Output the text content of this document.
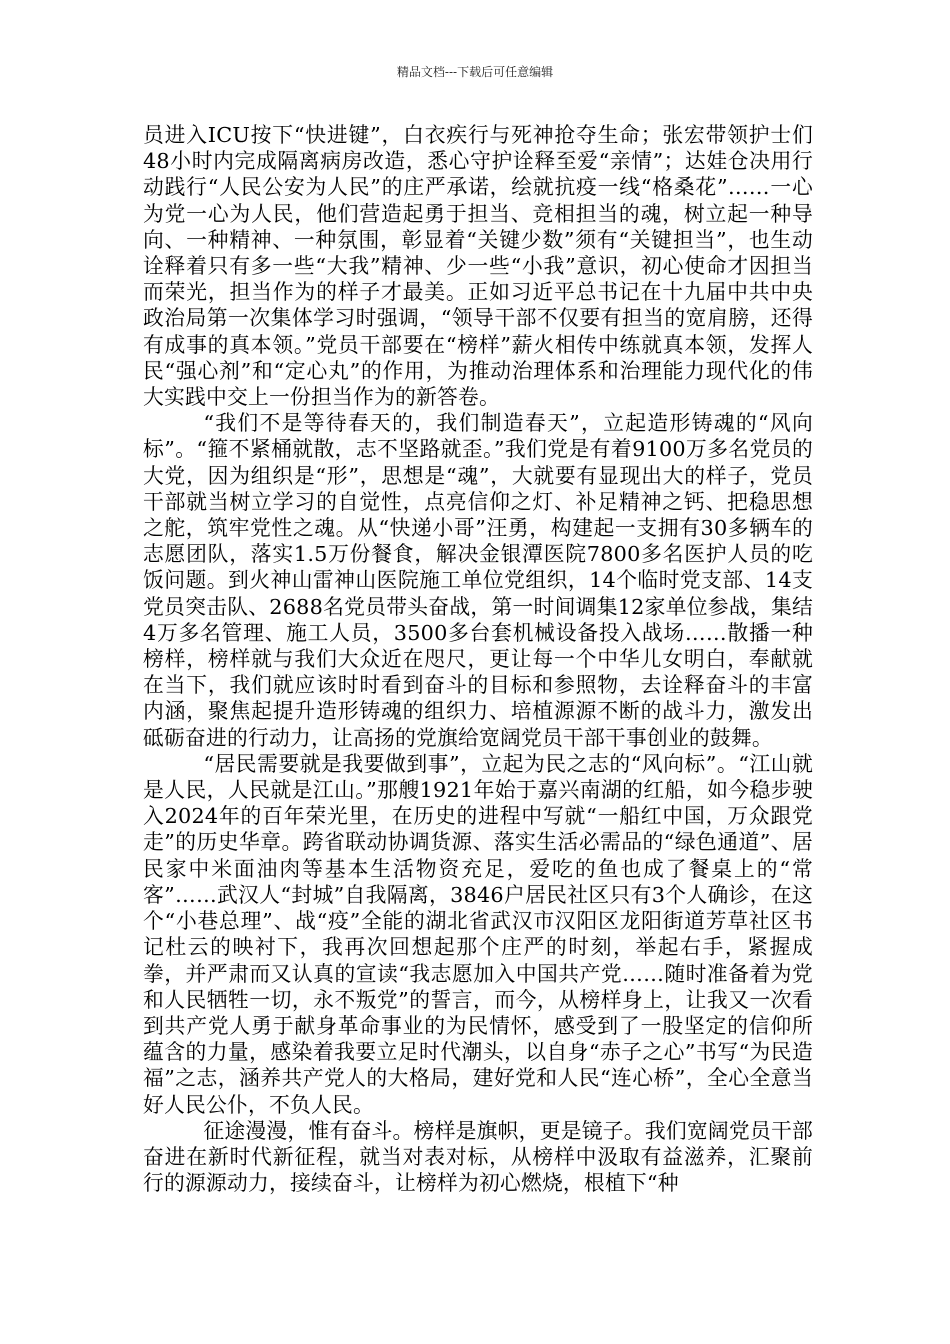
精品文档---下载后可任意编辑

员进入ICU按下“快进键”，白衣疾行与死神抢夺生命；张宏带领护士们48小时内完成隔离病房改造，悉心守护诠释至爱“亲情”；达娃仓决用行动践行“人民公安为人民”的庄严承诺，绘就抗疫一线“格桑花”……一心为党一心为人民，他们营造起勇于担当、竞相担当的魂，树立起一种导向、一种精神、一种氛围，彰显着“关键少数”须有“关键担当”，也生动诠释着只有多一些“大我”精神、少一些“小我”意识，初心使命才因担当而荣光，担当作为的样子才最美。正如习近平总书记在十九届中共中央政治局第一次集体学习时强调，“领导干部不仅要有担当的宽肩膀，还得有成事的真本领。”党员干部要在“榜样”薪火相传中练就真本领，发挥人民“强心剂”和“定心丸”的作用，为推动治理体系和治理能力现代化的伟大实践中交上一份担当作为的新答卷。

“我们不是等待春天的，我们制造春天”，立起造形铸魂的“风向标”。“箍不紧桶就散，志不坚路就歪。”我们党是有着9100万多名党员的大党，因为组织是“形”，思想是“魂”，大就要有显现出大的样子，党员干部就当树立学习的自觉性，点亮信仰之灯、补足精神之钙、把稳思想之舵，筑牢党性之魂。从“快递小哥”汪勇，构建起一支拥有30多辆车的志愿团队，落实1.5万份餐食，解决金银潭医院7800多名医护人员的吃饭问题。到火神山雷神山医院施工单位党组织，14个临时党支部、14支党员突击队、2688名党员带头奋战，第一时间调集12家单位参战，集结4万多名管理、施工人员，3500多台套机械设备投入战场……散播一种榜样，榜样就与我们大众近在咫尺，更让每一个中华儿女明白，奉献就在当下，我们就应该时时看到奋斗的目标和参照物，去诠释奋斗的丰富内涵，聚焦起提升造形铸魂的组织力、培植源源不断的战斗力，激发出砥砺奋进的行动力，让高扬的党旗给宽阔党员干部干事创业的鼓舞。

“居民需要就是我要做到事”，立起为民之志的“风向标”。“江山就是人民，人民就是江山。”那艘1921年始于嘉兴南湖的红船，如今稳步驶入2024年的百年荣光里，在历史的进程中写就“一船红中国，万众跟党走”的历史华章。跨省联动协调货源、落实生活必需品的“绿色通道”、居民家中米面油肉等基本生活物资充足，爱吃的鱼也成了餐桌上的“常客”……武汉人“封城”自我隔离，3846户居民社区只有3个人确诊，在这个“小巷总理”、战“疫”全能的湖北省武汉市汉阳区龙阳街道芳草社区书记杜云的映衬下，我再次回想起那个庄严的时刻，举起右手，紧握成拳，并严肃而又认真的宣读“我志愿加入中国共产党……随时准备着为党和人民牺牲一切，永不叛党”的誓言，而今，从榜样身上，让我又一次看到共产党人勇于献身革命事业的为民情怀，感受到了一股坚定的信仰所蕴含的力量，感染着我要立足时代潮头，以自身“赤子之心”书写“为民造福”之志，涵养共产党人的大格局，建好党和人民“连心桥”，全心全意当好人民公仆，不负人民。

征途漫漫，惟有奋斗。榜样是旗帜，更是镜子。我们宽阔党员干部奋进在新时代新征程，就当对表对标，从榜样中汲取有益滋养，汇聚前行的源源动力，接续奋斗，让榜样为初心燃烧，根植下“种
